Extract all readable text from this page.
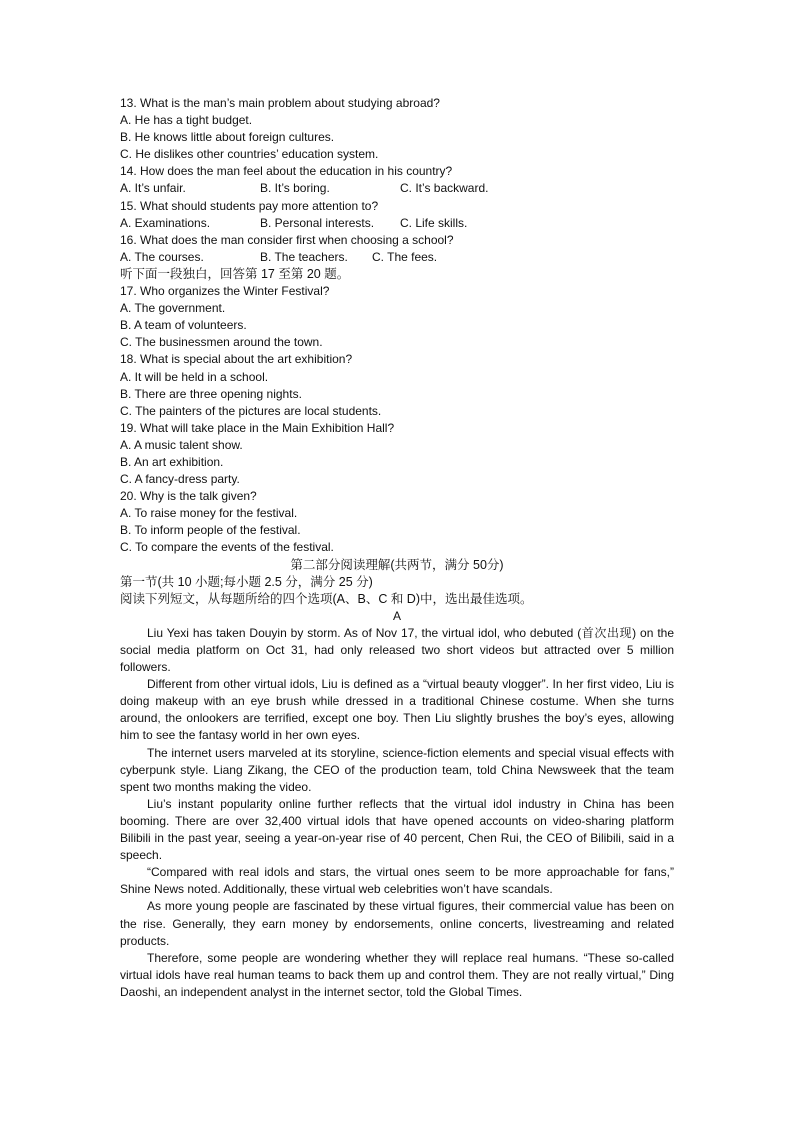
13. What is the man’s main problem about studying abroad?
A. He has a tight budget.
B. He knows little about foreign cultures.
C. He dislikes other countries’ education system.
14. How does the man feel about the education in his country?
A. It’s unfair.	B. It’s boring.	C. It’s backward.
15. What should students pay more attention to?
A. Examinations.	B. Personal interests.	C. Life skills.
16. What does the man consider first when choosing a school?
A. The courses.	B. The teachers.	C. The fees.
听下面一段独白，回答第 17 至第 20 题。
17. Who organizes the Winter Festival?
A. The government.
B. A team of volunteers.
C. The businessmen around the town.
18. What is special about the art exhibition?
A. It will be held in a school.
B. There are three opening nights.
C. The painters of the pictures are local students.
19. What will take place in the Main Exhibition Hall?
A. A music talent show.
B. An art exhibition.
C. A fancy-dress party.
20. Why is the talk given?
A. To raise money for the festival.
B. To inform people of the festival.
C. To compare the events of the festival.
第二部分阅读理解(共两节，满分 50分)
第一节(共 10 小题;每小题 2.5 分，满分 25 分)
阅读下列短文，从每题所给的四个选项(A、B、C 和 D)中，选出最佳选项。
A

Liu Yexi has taken Douyin by storm. As of Nov 17, the virtual idol, who debuted (首次出现) on the social media platform on Oct 31, had only released two short videos but attracted over 5 million followers.

Different from other virtual idols, Liu is defined as a “virtual beauty vlogger”. In her first video, Liu is doing makeup with an eye brush while dressed in a traditional Chinese costume. When she turns around, the onlookers are terrified, except one boy. Then Liu slightly brushes the boy’s eyes, allowing him to see the fantasy world in her own eyes.

The internet users marveled at its storyline, science-fiction elements and special visual effects with cyberpunk style. Liang Zikang, the CEO of the production team, told China Newsweek that the team spent two months making the video.

Liu’s instant popularity online further reflects that the virtual idol industry in China has been booming. There are over 32,400 virtual idols that have opened accounts on video-sharing platform Bilibili in the past year, seeing a year-on-year rise of 40 percent, Chen Rui, the CEO of Bilibili, said in a speech.

“Compared with real idols and stars, the virtual ones seem to be more approachable for fans,” Shine News noted. Additionally, these virtual web celebrities won’t have scandals.

As more young people are fascinated by these virtual figures, their commercial value has been on the rise. Generally, they earn money by endorsements, online concerts, livestreaming and related products.

Therefore, some people are wondering whether they will replace real humans. “These so-called virtual idols have real human teams to back them up and control them. They are not really virtual,” Ding Daoshi, an independent analyst in the internet sector, told the Global Times.
